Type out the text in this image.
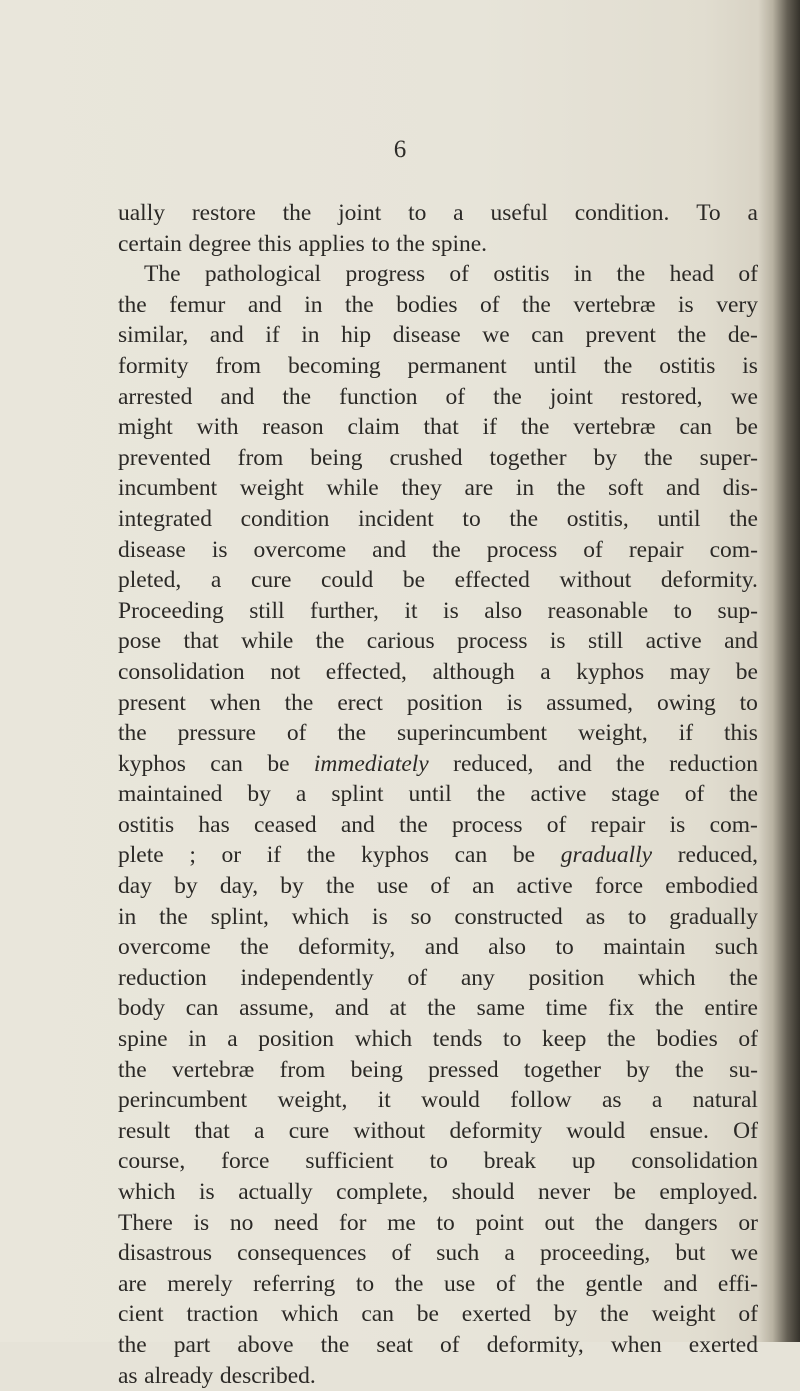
6
ually restore the joint to a useful condition. To a
certain degree this applies to the spine.
The pathological progress of ostitis in the head of
the femur and in the bodies of the vertebræ is very
similar, and if in hip disease we can prevent the de-
formity from becoming permanent until the ostitis is
arrested and the function of the joint restored, we
might with reason claim that if the vertebræ can be
prevented from being crushed together by the super-
incumbent weight while they are in the soft and dis-
integrated condition incident to the ostitis, until the
disease is overcome and the process of repair com-
pleted, a cure could be effected without deformity.
Proceeding still further, it is also reasonable to sup-
pose that while the carious process is still active and
consolidation not effected, although a kyphos may be
present when the erect position is assumed, owing to
the pressure of the superincumbent weight, if this
kyphos can be immediately reduced, and the reduction
maintained by a splint until the active stage of the
ostitis has ceased and the process of repair is com-
plete ; or if the kyphos can be gradually reduced,
day by day, by the use of an active force embodied
in the splint, which is so constructed as to gradually
overcome the deformity, and also to maintain such
reduction independently of any position which the
body can assume, and at the same time fix the entire
spine in a position which tends to keep the bodies of
the vertebræ from being pressed together by the su-
perincumbent weight, it would follow as a natural
result that a cure without deformity would ensue. Of
course, force sufficient to break up consolidation
which is actually complete, should never be employed.
There is no need for me to point out the dangers or
disastrous consequences of such a proceeding, but we
are merely referring to the use of the gentle and effi-
cient traction which can be exerted by the weight of
the part above the seat of deformity, when exerted
as already described.
